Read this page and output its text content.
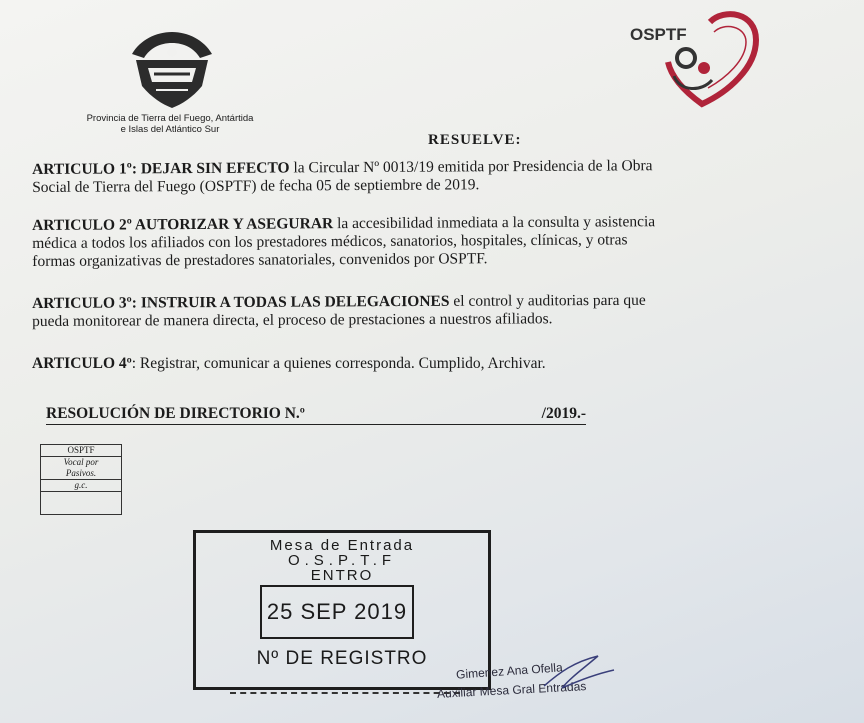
Provincia de Tierra del Fuego, Antártida
e Islas del Atlántico Sur
OSPTF
RESUELVE:
ARTICULO 1º: DEJAR SIN EFECTO la Circular Nº 0013/19 emitida por Presidencia de la Obra
Social de Tierra del Fuego (OSPTF) de fecha 05 de septiembre de 2019.
ARTICULO 2º AUTORIZAR Y ASEGURAR la accesibilidad inmediata a la consulta y asistencia
médica a todos los afiliados con los prestadores médicos, sanatorios, hospitales, clínicas, y otras
formas organizativas de prestadores sanatoriales, convenidos por OSPTF.
ARTICULO 3º: INSTRUIR A TODAS LAS DELEGACIONES el control y auditorias para que
pueda monitorear de manera directa, el proceso de prestaciones a nuestros afiliados.
ARTICULO 4º: Registrar, comunicar a quienes corresponda. Cumplido, Archivar.
RESOLUCIÓN DE DIRECTORIO N.º	/2019.-
OSPTF
Vocal por
Pasivos.
g.c.
Mesa de Entrada
O.S.P.T.F
ENTRO
25 SEP 2019
Nº DE REGISTRO
Gimenez Ana Ofella
Auxiliar Mesa Gral Entradas
